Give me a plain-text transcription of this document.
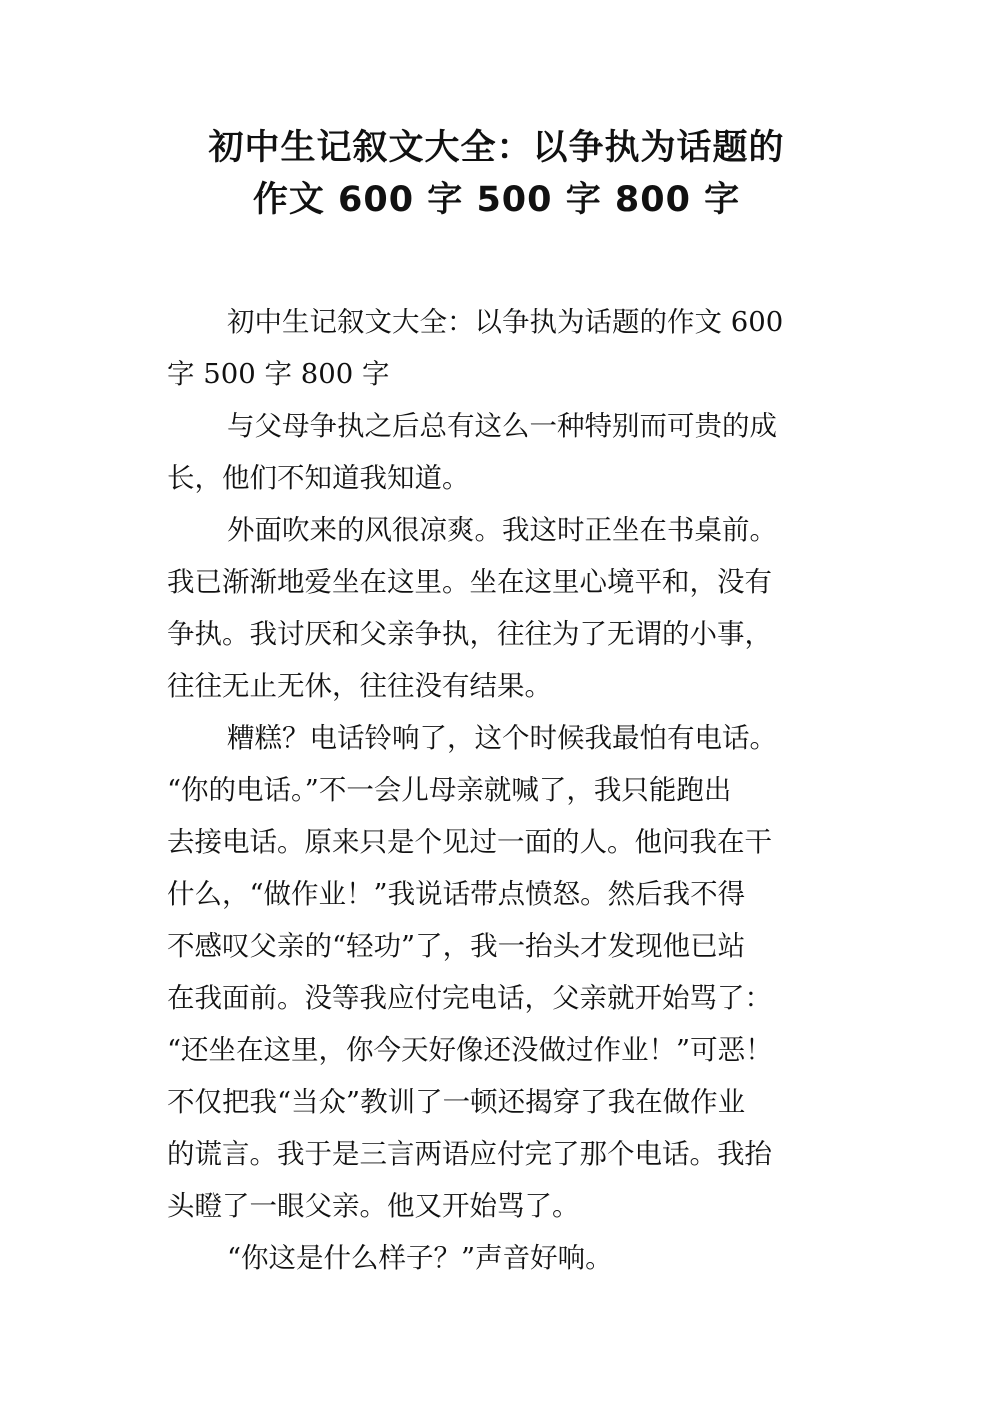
初中生记叙文大全：以争执为话题的
作文 600 字 500 字 800 字
初中生记叙文大全：以争执为话题的作文 600
字 500 字 800 字
与父母争执之后总有这么一种特别而可贵的成
长，他们不知道我知道。
外面吹来的风很凉爽。我这时正坐在书桌前。
我已渐渐地爱坐在这里。坐在这里心境平和，没有
争执。我讨厌和父亲争执，往往为了无谓的小事，
往往无止无休，往往没有结果。
糟糕？电话铃响了，这个时候我最怕有电话。
“你的电话。”不一会儿母亲就喊了，我只能跑出
去接电话。原来只是个见过一面的人。他问我在干
什么，“做作业！”我说话带点愤怒。然后我不得
不感叹父亲的“轻功”了，我一抬头才发现他已站
在我面前。没等我应付完电话，父亲就开始骂了：
“还坐在这里，你今天好像还没做过作业！”可恶！
不仅把我“当众”教训了一顿还揭穿了我在做作业
的谎言。我于是三言两语应付完了那个电话。我抬
头瞪了一眼父亲。他又开始骂了。
“你这是什么样子？”声音好响。
